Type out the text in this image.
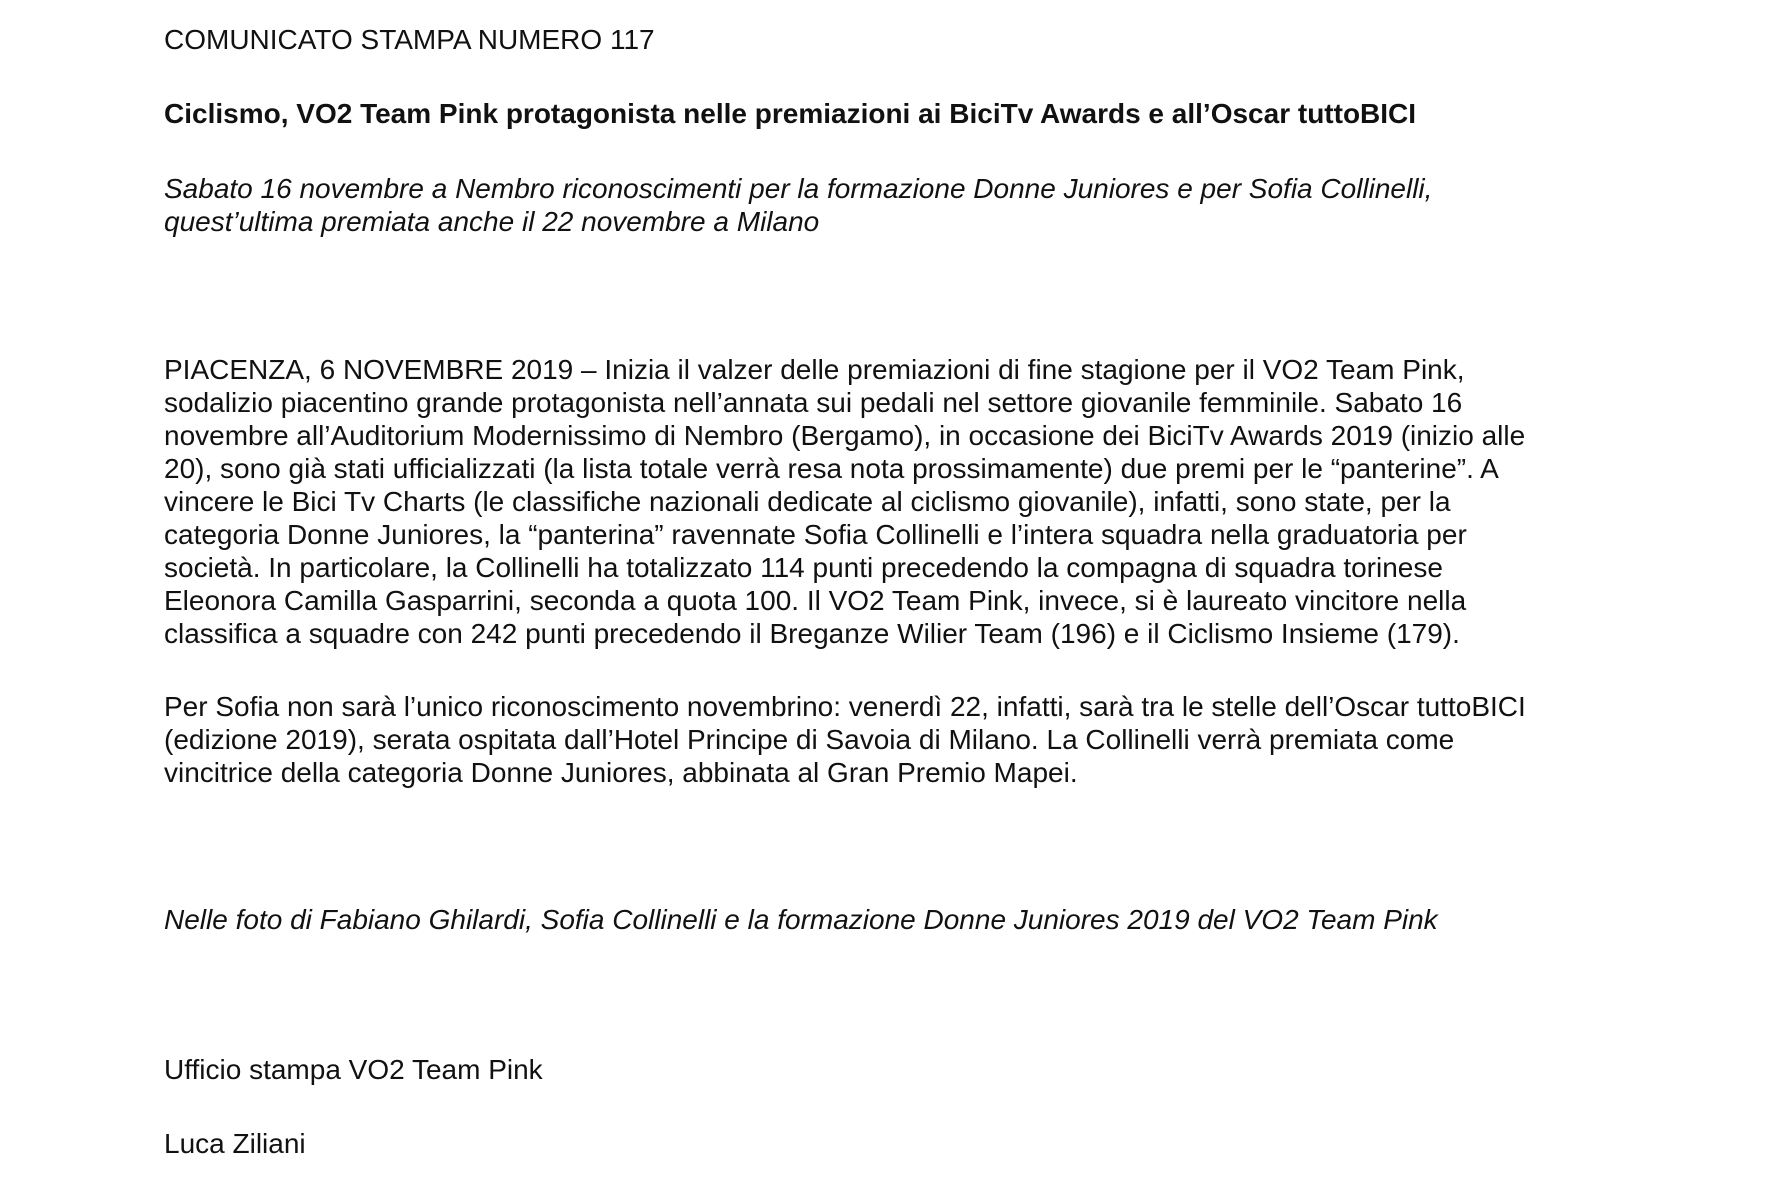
COMUNICATO STAMPA NUMERO 117
Ciclismo, VO2 Team Pink protagonista nelle premiazioni ai BiciTv Awards e all’Oscar tuttoBICI
Sabato 16 novembre a Nembro riconoscimenti per la formazione Donne Juniores e per Sofia Collinelli,
quest’ultima premiata anche il 22 novembre a Milano
PIACENZA, 6 NOVEMBRE 2019 – Inizia il valzer delle premiazioni di fine stagione per il VO2 Team Pink,
sodalizio piacentino grande protagonista nell’annata sui pedali nel settore giovanile femminile. Sabato 16
novembre all’Auditorium Modernissimo di Nembro (Bergamo), in occasione dei BiciTv Awards 2019 (inizio alle
20), sono già stati ufficializzati (la lista totale verrà resa nota prossimamente) due premi per le “panterine”. A
vincere le Bici Tv Charts (le classifiche nazionali dedicate al ciclismo giovanile), infatti, sono state, per la
categoria Donne Juniores, la “panterina” ravennate Sofia Collinelli e l’intera squadra nella graduatoria per
società. In particolare, la Collinelli ha totalizzato 114 punti precedendo la compagna di squadra torinese
Eleonora Camilla Gasparrini, seconda a quota 100. Il VO2 Team Pink, invece, si è laureato vincitore nella
classifica a squadre con 242 punti precedendo il Breganze Wilier Team (196) e il Ciclismo Insieme (179).
Per Sofia non sarà l’unico riconoscimento novembrino: venerdì 22, infatti, sarà tra le stelle dell’Oscar tuttoBICI
(edizione 2019), serata ospitata dall’Hotel Principe di Savoia di Milano. La Collinelli verrà premiata come
vincitrice della categoria Donne Juniores, abbinata al Gran Premio Mapei.
Nelle foto di Fabiano Ghilardi, Sofia Collinelli e la formazione Donne Juniores 2019 del VO2 Team Pink
Ufficio stampa VO2 Team Pink
Luca Ziliani
